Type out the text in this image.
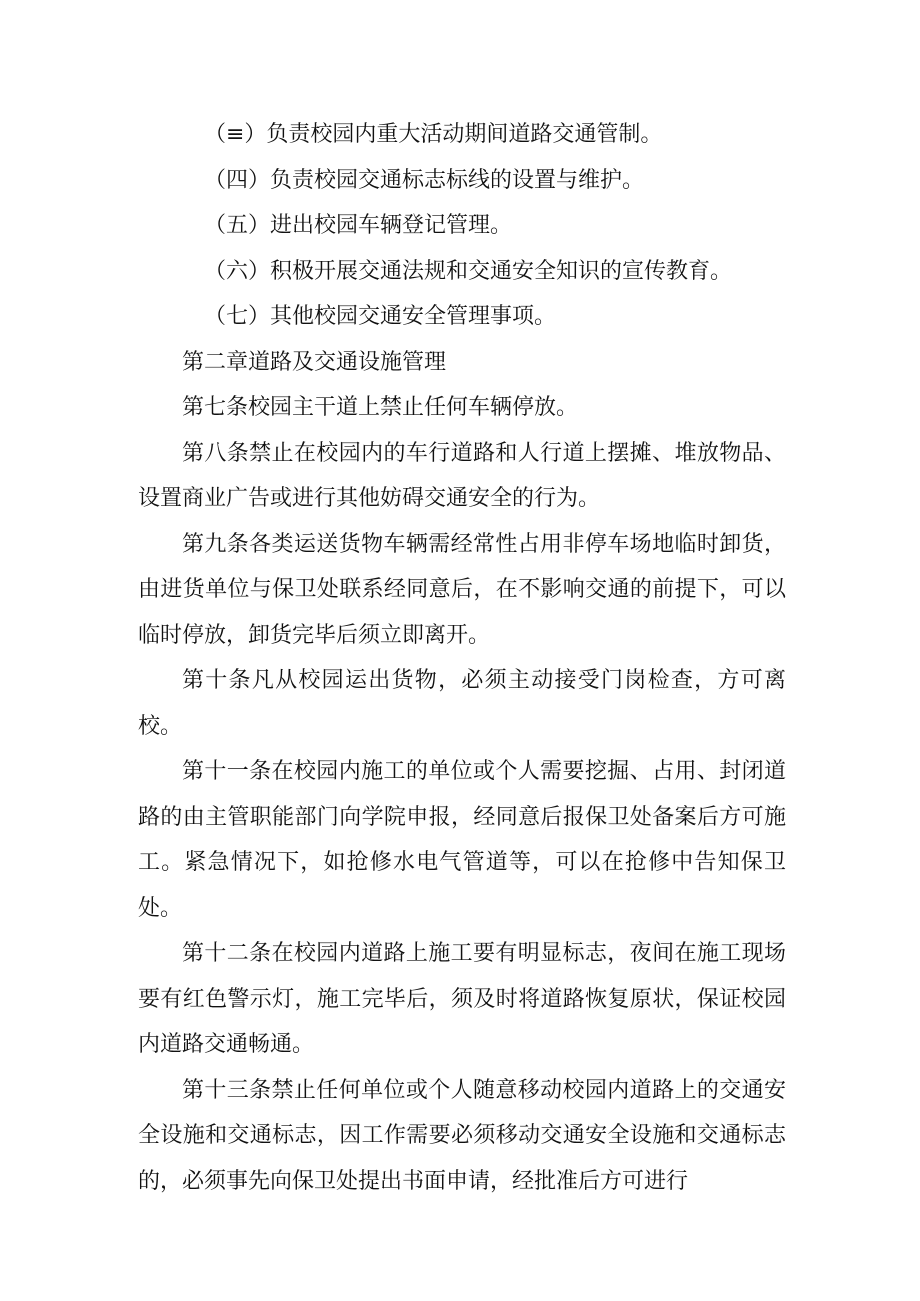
（≡）负责校园内重大活动期间道路交通管制。

（四）负责校园交通标志标线的设置与维护。

（五）进出校园车辆登记管理。

（六）积极开展交通法规和交通安全知识的宣传教育。

（七）其他校园交通安全管理事项。

第二章道路及交通设施管理

第七条校园主干道上禁止任何车辆停放。

第八条禁止在校园内的车行道路和人行道上摆摊、堆放物品、设置商业广告或进行其他妨碍交通安全的行为。

第九条各类运送货物车辆需经常性占用非停车场地临时卸货，由进货单位与保卫处联系经同意后，在不影响交通的前提下，可以临时停放，卸货完毕后须立即离开。

第十条凡从校园运出货物，必须主动接受门岗检查，方可离校。

第十一条在校园内施工的单位或个人需要挖掘、占用、封闭道路的由主管职能部门向学院申报，经同意后报保卫处备案后方可施工。紧急情况下，如抢修水电气管道等，可以在抢修中告知保卫处。

第十二条在校园内道路上施工要有明显标志，夜间在施工现场要有红色警示灯，施工完毕后，须及时将道路恢复原状，保证校园内道路交通畅通。

第十三条禁止任何单位或个人随意移动校园内道路上的交通安全设施和交通标志，因工作需要必须移动交通安全设施和交通标志的，必须事先向保卫处提出书面申请，经批准后方可进行
